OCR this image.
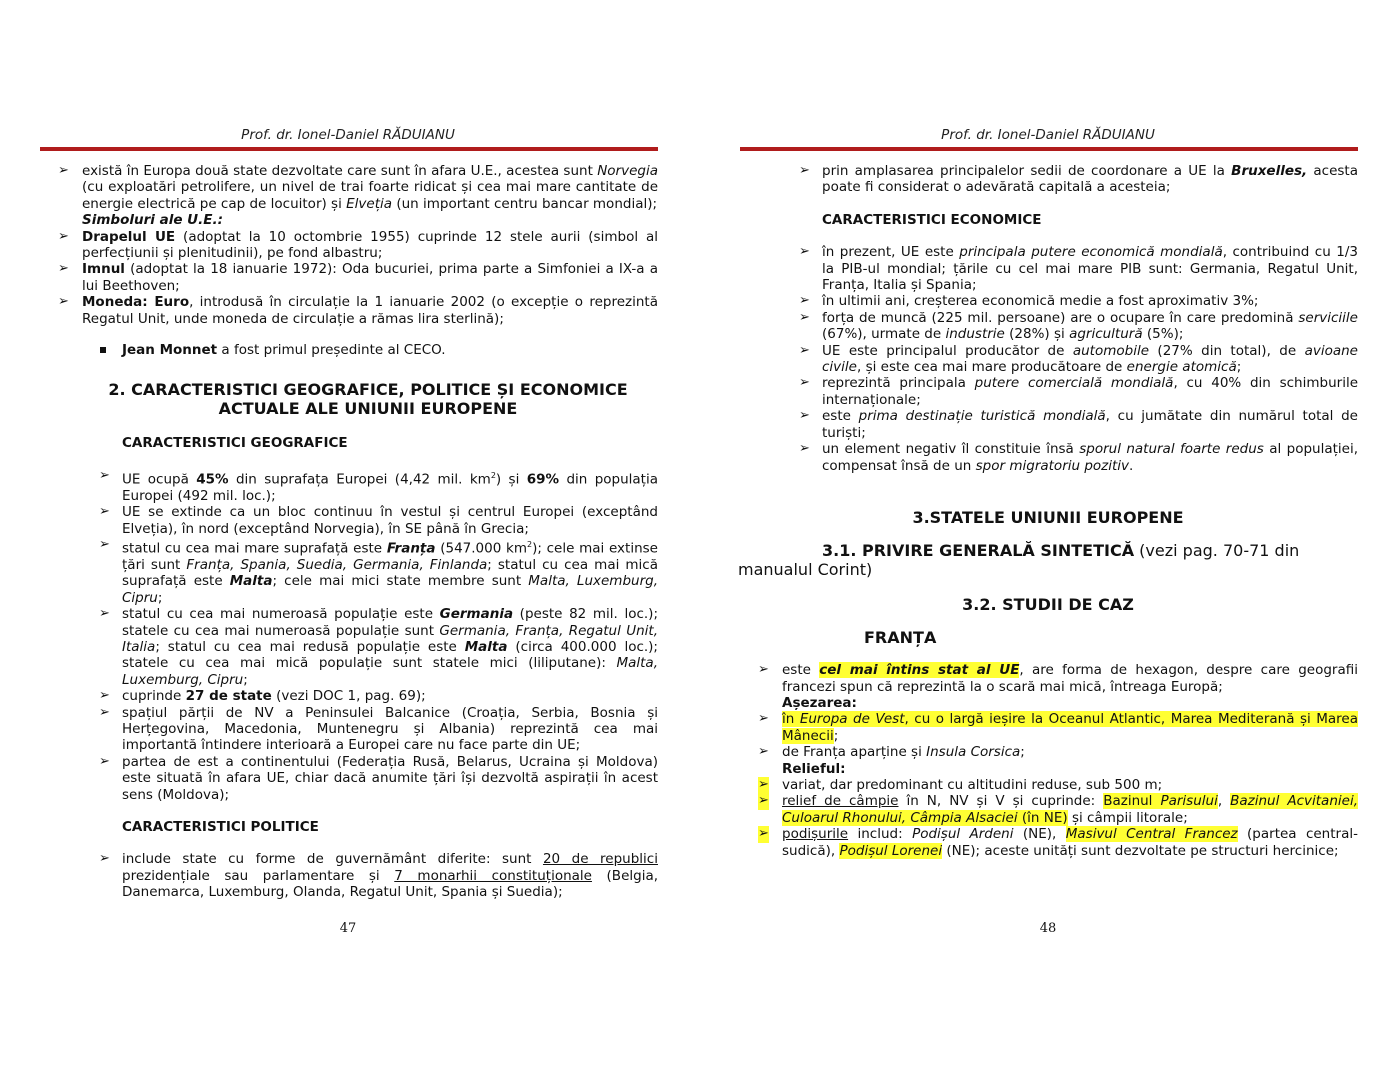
Prof. dr. Ionel-Daniel RĂDUIANU
➢ există în Europa două state dezvoltate care sunt în afara U.E., acestea sunt Norvegia (cu exploatări petrolifere, un nivel de trai foarte ridicat și cea mai mare cantitate de energie electrică pe cap de locuitor) și Elveția (un important centru bancar mondial);
Simboluri ale U.E.:
➢ Drapelul UE (adoptat la 10 octombrie 1955) cuprinde 12 stele aurii (simbol al perfecțiunii și plenitudinii), pe fond albastru;
➢ Imnul (adoptat la 18 ianuarie 1972): Oda bucuriei, prima parte a Simfoniei a IX-a a lui Beethoven;
➢ Moneda: Euro, introdusă în circulație la 1 ianuarie 2002 (o excepție o reprezintă Regatul Unit, unde moneda de circulație a rămas lira sterlină);
Jean Monnet a fost primul președinte al CECO.
2. CARACTERISTICI GEOGRAFICE, POLITICE ȘI ECONOMICE
ACTUALE ALE UNIUNII EUROPENE
CARACTERISTICI GEOGRAFICE
➢ UE ocupă 45% din suprafața Europei (4,42 mil. $km^2$) și 69% din populația Europei (492 mil. loc.);
➢ UE se extinde ca un bloc continuu în vestul și centrul Europei (exceptând Elveția), în nord (exceptând Norvegia), în SE până în Grecia;
➢ statul cu cea mai mare suprafață este Franța (547.000 $km^2$); cele mai extinse țări sunt Franța, Spania, Suedia, Germania, Finlanda; statul cu cea mai mică suprafață este Malta; cele mai mici state membre sunt Malta, Luxemburg, Cipru;
➢ statul cu cea mai numeroasă populație este Germania (peste 82 mil. loc.); statele cu cea mai numeroasă populație sunt Germania, Franța, Regatul Unit, Italia; statul cu cea mai redusă populație este Malta (circa 400.000 loc.); statele cu cea mai mică populație sunt statele mici (liliputane): Malta, Luxemburg, Cipru;
➢ cuprinde 27 de state (vezi DOC 1, pag. 69);
➢ spațiul părții de NV a Peninsulei Balcanice (Croația, Serbia, Bosnia și Herțegovina, Macedonia, Muntenegru și Albania) reprezintă cea mai importantă întindere interioară a Europei care nu face parte din UE;
➢ partea de est a continentului (Federația Rusă, Belarus, Ucraina și Moldova) este situată în afara UE, chiar dacă anumite țări își dezvoltă aspirații în acest sens (Moldova);
CARACTERISTICI POLITICE
➢ include state cu forme de guvernământ diferite: sunt 20 de republici prezidențiale sau parlamentare și 7 monarhii constituționale (Belgia, Danemarca, Luxemburg, Olanda, Regatul Unit, Spania și Suedia);
47
Prof. dr. Ionel-Daniel RĂDUIANU
➢ prin amplasarea principalelor sedii de coordonare a UE la Bruxelles, acesta poate fi considerat o adevărată capitală a acesteia;
CARACTERISTICI ECONOMICE
➢ în prezent, UE este principala putere economică mondială, contribuind cu 1/3 la PIB-ul mondial; țările cu cel mai mare PIB sunt: Germania, Regatul Unit, Franța, Italia și Spania;
➢ în ultimii ani, creșterea economică medie a fost aproximativ 3%;
➢ forța de muncă (225 mil. persoane) are o ocupare în care predomină serviciile (67%), urmate de industrie (28%) și agricultură (5%);
➢ UE este principalul producător de automobile (27% din total), de avioane civile, și este cea mai mare producătoare de energie atomică;
➢ reprezintă principala putere comercială mondială, cu 40% din schimburile internaționale;
➢ este prima destinație turistică mondială, cu jumătate din numărul total de turiști;
➢ un element negativ îl constituie însă sporul natural foarte redus al populației, compensat însă de un spor migratoriu pozitiv.
3.STATELE UNIUNII EUROPENE
3.1. PRIVIRE GENERALĂ SINTETICĂ (vezi pag. 70-71 din manualul Corint)
3.2. STUDII DE CAZ
FRANȚA
➢ este cel mai întins stat al UE, are forma de hexagon, despre care geografii francezi spun că reprezintă la o scară mai mică, întreaga Europă;
Așezarea:
➢ în Europa de Vest, cu o largă ieșire la Oceanul Atlantic, Marea Mediterană și Marea Mânecii;
➢ de Franța aparține și Insula Corsica;
Relieful:
➢ variat, dar predominant cu altitudini reduse, sub 500 m;
➢ relief de câmpie în N, NV și V și cuprinde: Bazinul Parisului, Bazinul Acvitaniei, Culoarul Rhonului, Câmpia Alsaciei (în NE) și câmpii litorale;
➢ podișurile includ: Podișul Ardeni (NE), Masivul Central Francez (partea central-sudică), Podișul Lorenei (NE); aceste unități sunt dezvoltate pe structuri hercinice;
48
